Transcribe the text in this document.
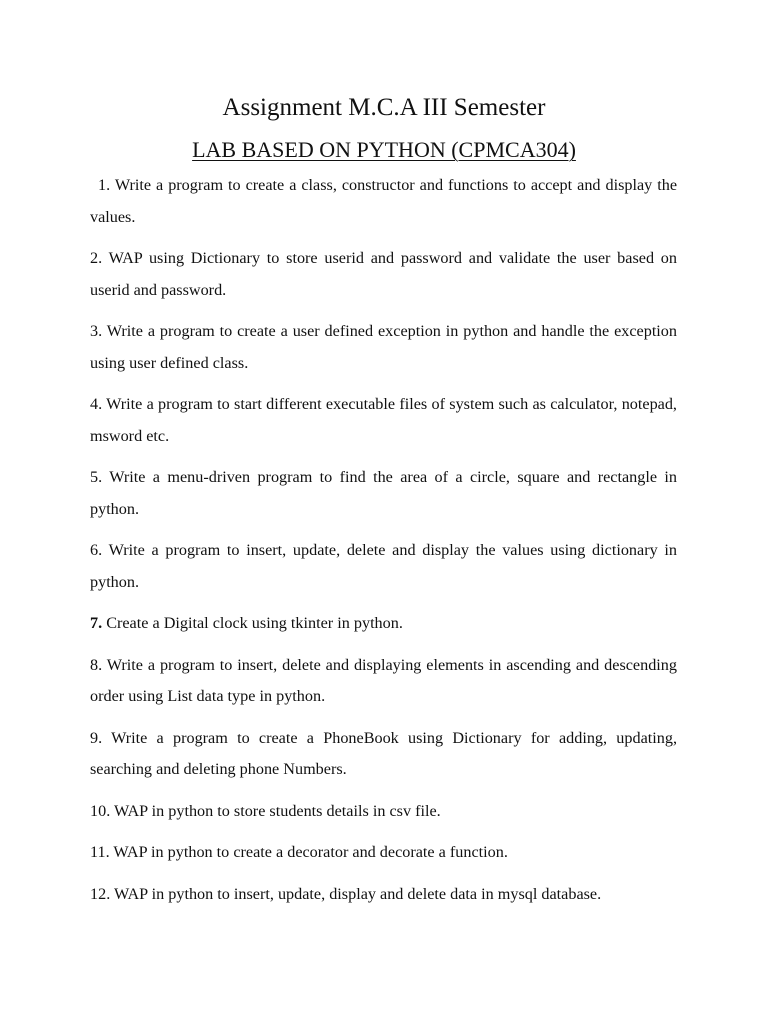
Assignment M.C.A III Semester
LAB BASED ON PYTHON (CPMCA304)
1. Write a program to create a class, constructor and functions to accept and display the values.
2. WAP using Dictionary to store userid and password and validate the user based on userid and password.
3. Write a program to create a user defined exception in python and handle the exception using user defined class.
4. Write a program to start different executable files of system such as calculator, notepad, msword etc.
5. Write a menu-driven program to find the area of a circle, square and rectangle in python.
6. Write a program to insert, update, delete and display the values using dictionary in python.
7. Create a Digital clock using tkinter in python.
8. Write a program to insert, delete and displaying elements in ascending and descending order using List data type in python.
9. Write a program to create a PhoneBook using Dictionary for adding, updating, searching and deleting phone Numbers.
10. WAP in python to store students details in csv file.
11. WAP in python to create a decorator and decorate a function.
12. WAP in python to insert, update, display and delete data in mysql database.
